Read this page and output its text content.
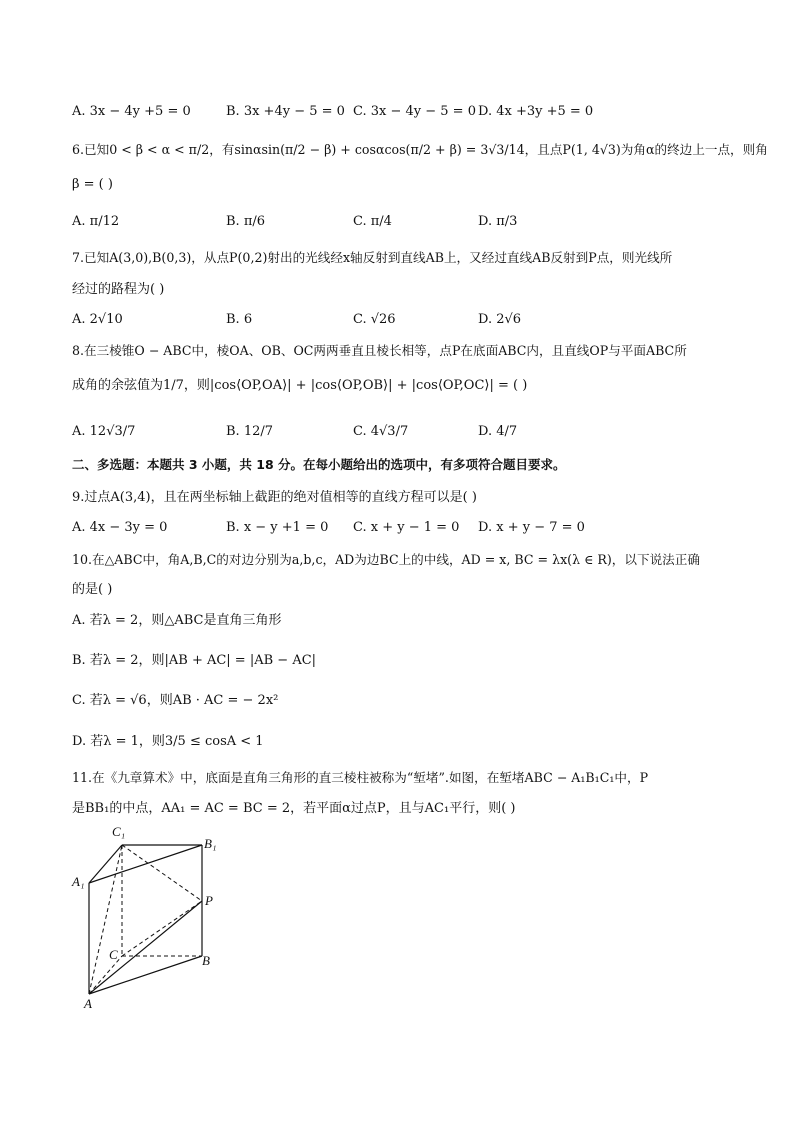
A. 3x − 4y +5 = 0	B. 3x +4y − 5 = 0 C. 3x − 4y − 5 = 0 D. 4x +3y +5 = 0
6.已知0 < β < α < π/2，有sinαsin(π/2 − β) + cosαcos(π/2 + β) = 3√3/14，且点P(1, 4√3)为角α的终边上一点，则角
β = ( )
A. π/12	B. π/6	C. π/4	D. π/3
7.已知A(3,0),B(0,3)，从点P(0,2)射出的光线经x轴反射到直线AB上，又经过直线AB反射到P点，则光线所
经过的路程为( )
A. 2√10	B. 6	C. √26	D. 2√6
8.在三棱锥O − ABC中，棱OA、OB、OC两两垂直且棱长相等，点P在底面ABC内，且直线OP与平面ABC所
成角的余弦值为1/7，则|cos⟨OP,OA⟩| + |cos⟨OP,OB⟩| + |cos⟨OP,OC⟩| = ( )
A. 12√3/7	B. 12/7	C. 4√3/7	D. 4/7
二、多选题：本题共 3 小题，共 18 分。在每小题给出的选项中，有多项符合题目要求。
9.过点A(3,4)，且在两坐标轴上截距的绝对值相等的直线方程可以是( )
A. 4x − 3y = 0	B. x − y +1 = 0 C. x + y − 1 = 0 D. x + y − 7 = 0
10.在△ABC中，角A,B,C的对边分别为a,b,c，AD为边BC上的中线，AD = x, BC = λx(λ ∈ R)，以下说法正确
的是( )
A. 若λ = 2，则△ABC是直角三角形
B. 若λ = 2，则|AB + AC| = |AB − AC|
C. 若λ = √6，则AB · AC = − 2x²
D. 若λ = 1，则3/5 ≤ cosA < 1
11.在《九章算术》中，底面是直角三角形的直三棱柱被称为“堑堵”.如图，在堑堵ABC − A₁B₁C₁中，P
是BB₁的中点，AA₁ = AC = BC = 2，若平面α过点P，且与AC₁平行，则( )
C₁
B₁
A₁
P
C	B
A
